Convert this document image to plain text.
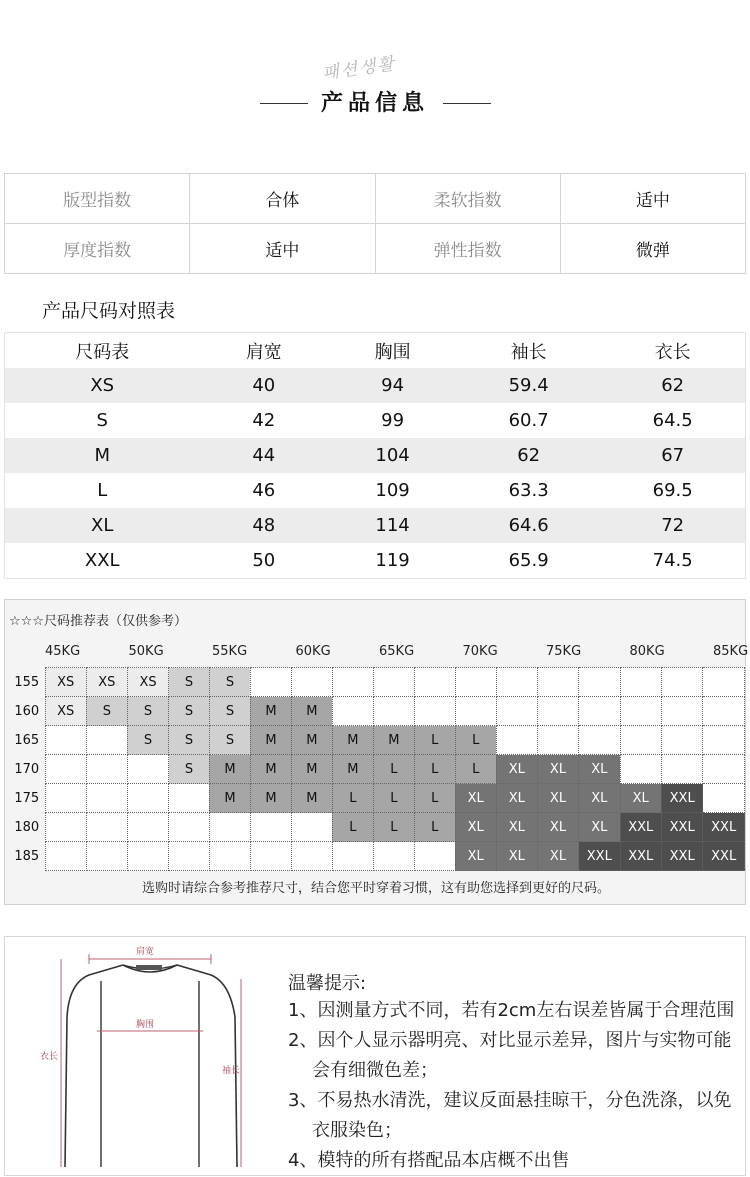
패션생활
产品信息
版型指数	合体	柔软指数	适中
厚度指数	适中	弹性指数	微弹
产品尺码对照表
尺码表	肩宽	胸围	袖长	衣长
XS	40	94	59.4	62
S	42	99	60.7	64.5
M	44	104	62	67
L	46	109	63.3	69.5
XL	48	114	64.6	72
XXL	50	119	65.9	74.5
☆☆☆尺码推荐表（仅供参考）
45KG	50KG	55KG	60KG	65KG	70KG	75KG	80KG	85KG
155	XS	XS	XS	S	S												
160	XS	S	S	S	S	M	M										
165			S	S	S	M	M	M	M	L	L						
170				S	M	M	M	M	L	L	L	XL	XL	XL			
175					M	M	M	L	L	L	XL	XL	XL	XL	XL	XXL	
180								L	L	L	XL	XL	XL	XL	XXL	XXL	XXL
185											XL	XL	XL	XXL	XXL	XXL	XXL
选购时请综合参考推荐尺寸，结合您平时穿着习惯，这有助您选择到更好的尺码。
肩宽
胸围
衣长
袖长
温馨提示:
1、因测量方式不同，若有2cm左右误差皆属于合理范围
2、因个人显示器明亮、对比显示差异，图片与实物可能
会有细微色差；
3、不易热水清洗，建议反面悬挂晾干，分色洗涤，以免
衣服染色；
4、模特的所有搭配品本店概不出售
